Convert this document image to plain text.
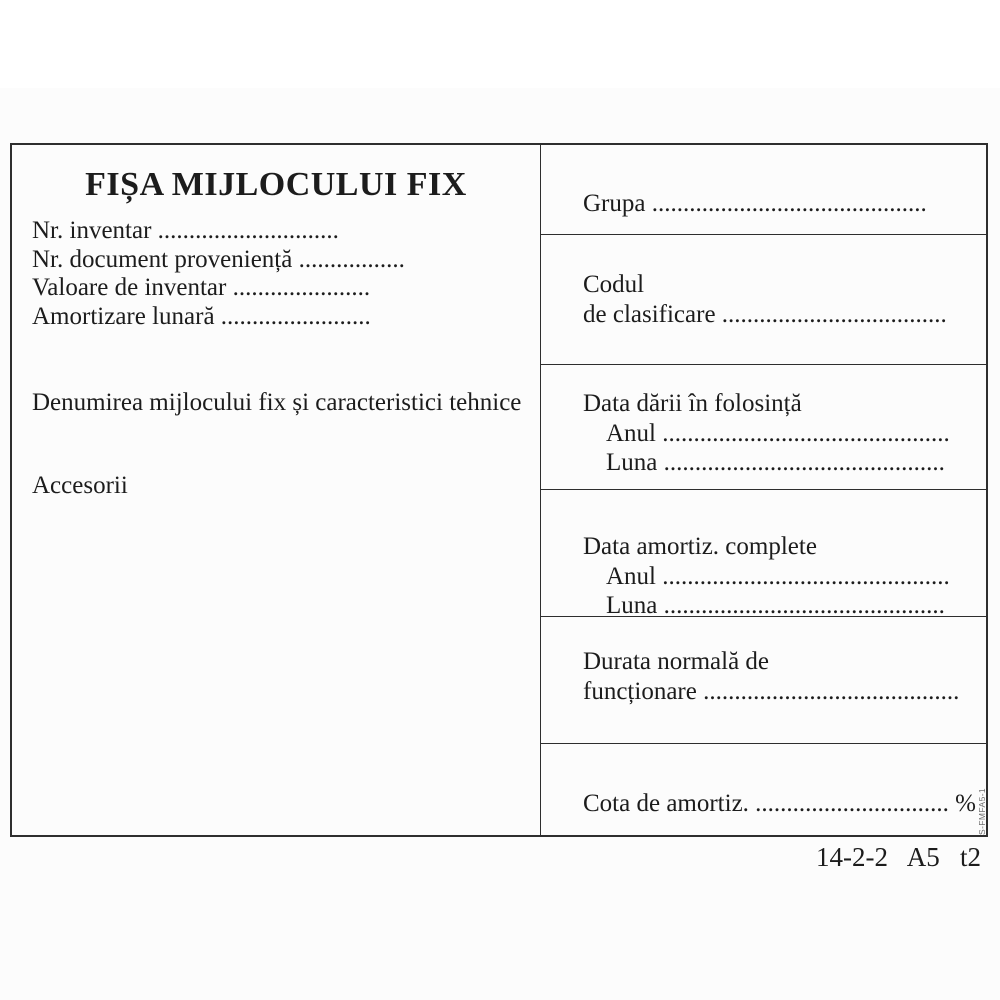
FIȘA MIJLOCULUI FIX
Nr. inventar .............................
Nr. document proveniență .................
Valoare de inventar ......................
Amortizare lunară ........................
Denumirea mijlocului fix și caracteristici tehnice
Accesorii
Grupa ............................................
Codul
de clasificare ....................................
Data dării în folosință
Anul ..............................................
Luna .............................................
Data amortiz. complete
Anul ..............................................
Luna .............................................
Durata normală de
funcționare .........................................
Cota de amortiz. ............................... %
14-2-2   A5   t2
S-FMFA5-1
